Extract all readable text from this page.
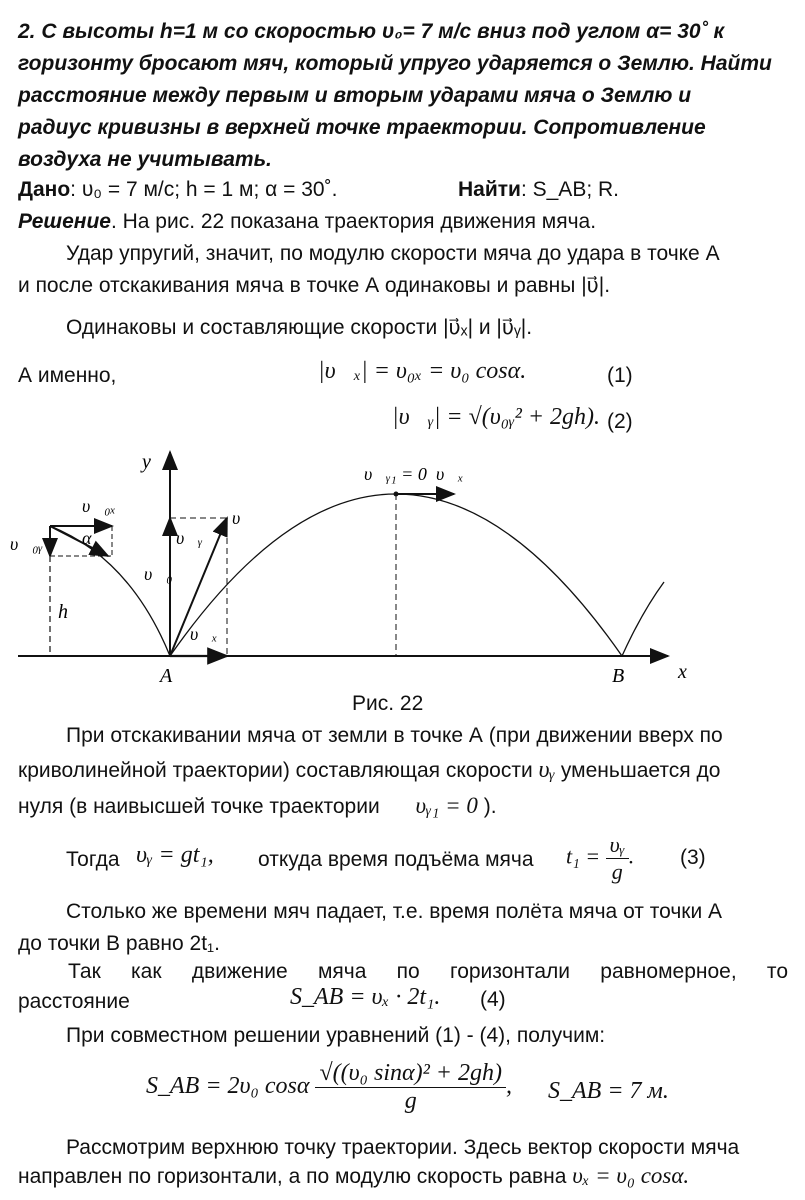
2. С высоты h=1 м со скоростью υ₀= 7 м/с вниз под углом α= 30˚ к
горизонту бросают мяч, который упруго ударяется о Землю. Найти
расстояние между первым и вторым ударами мяча о Землю и
радиус кривизны в верхней точке траектории. Сопротивление
воздуха не учитывать.
Дано: υ₀ = 7 м/с; h = 1 м; α = 30˚.	Найти: S_AB; R.
Решение. На рис. 22 показана траектория движения мяча.
Удар упругий, значит, по модулю скорости мяча до удара в точке А
и после отскакивания мяча в точке А одинаковы и равны |υ⃗|.
Одинаковы и составляющие скорости |υ⃗ₓ| и |υ⃗ᵧ|.
А именно,	|υ⃗ₓ| = υ₀ₓ = υ₀ cosα.	(1)
|υ⃗ᵧ| = √(υ₀ᵧ² + 2gh). (2)
y
x
A	B
h
υ⃗₀ₓ
υ⃗₀ᵧ α
υ⃗₀
υ⃗ᵧ
υ⃗
υ⃗ₓ
υ⃗ᵧ₁ = 0 υ⃗ₓ
Рис. 22
При отскакивании мяча от земли в точке А (при движении вверх по
криволинейной траектории) составляющая скорости υᵧ уменьшается до
нуля (в наивысшей точке траектории υᵧ₁ = 0 ).
Тогда υᵧ = gt₁, откуда время подъёма мяча $t_1 = \frac{\text{υᵧ}}{g}$ . (3)
Столько же времени мяч падает, т.е. время полёта мяча от точки A
до точки B равно 2t₁.
Так как движение мяча по горизонтали равномерное, то
расстояние	S_AB = υₓ · 2t₁. (4)
При совместном решении уравнений (1) - (4), получим:
S_AB = 2υ₀ cosα $\frac{\text{√((υ₀ sinα)² + 2gh)}}{g}$ , S_AB = 7 м.
Рассмотрим верхнюю точку траектории. Здесь вектор скорости мяча
направлен по горизонтали, а по модулю скорость равна υₓ = υ₀ cosα.
